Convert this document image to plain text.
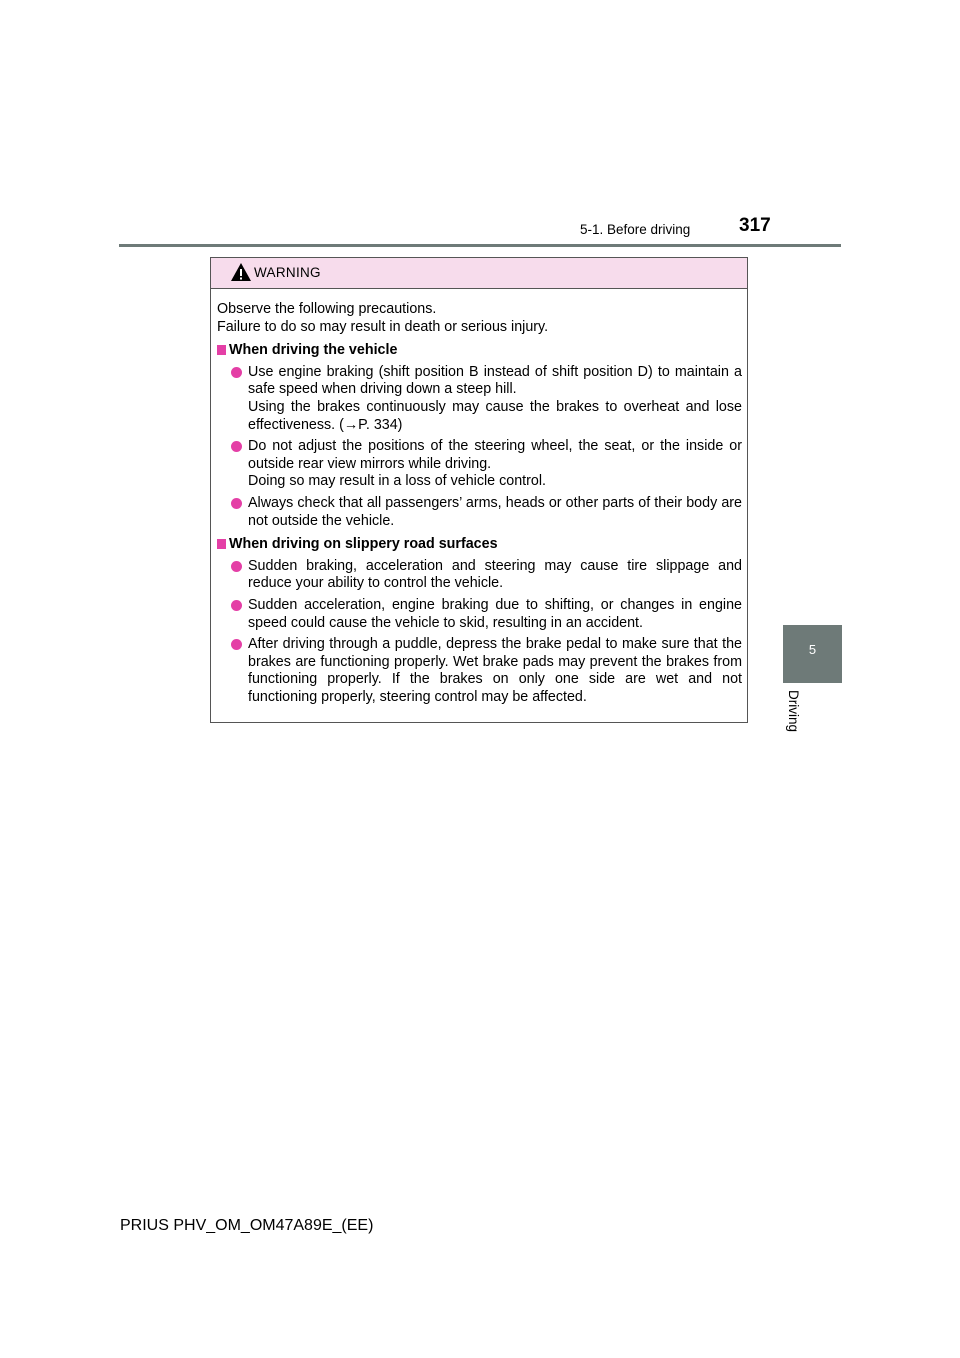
5-1. Before driving	317
5
Driving
WARNING

Observe the following precautions.

Failure to do so may result in death or serious injury.

When driving the vehicle

Use engine braking (shift position B instead of shift position D) to maintain a safe speed when driving down a steep hill.

Using the brakes continuously may cause the brakes to overheat and lose effectiveness. (→P. 334)

Do not adjust the positions of the steering wheel, the seat, or the inside or outside rear view mirrors while driving.

Doing so may result in a loss of vehicle control.

Always check that all passengers’ arms, heads or other parts of their body are not outside the vehicle.

When driving on slippery road surfaces

Sudden braking, acceleration and steering may cause tire slippage and reduce your ability to control the vehicle.

Sudden acceleration, engine braking due to shifting, or changes in engine speed could cause the vehicle to skid, resulting in an accident.

After driving through a puddle, depress the brake pedal to make sure that the brakes are functioning properly. Wet brake pads may prevent the brakes from functioning properly. If the brakes on only one side are wet and not functioning properly, steering control may be affected.

PRIUS PHV_OM_OM47A89E_(EE)
